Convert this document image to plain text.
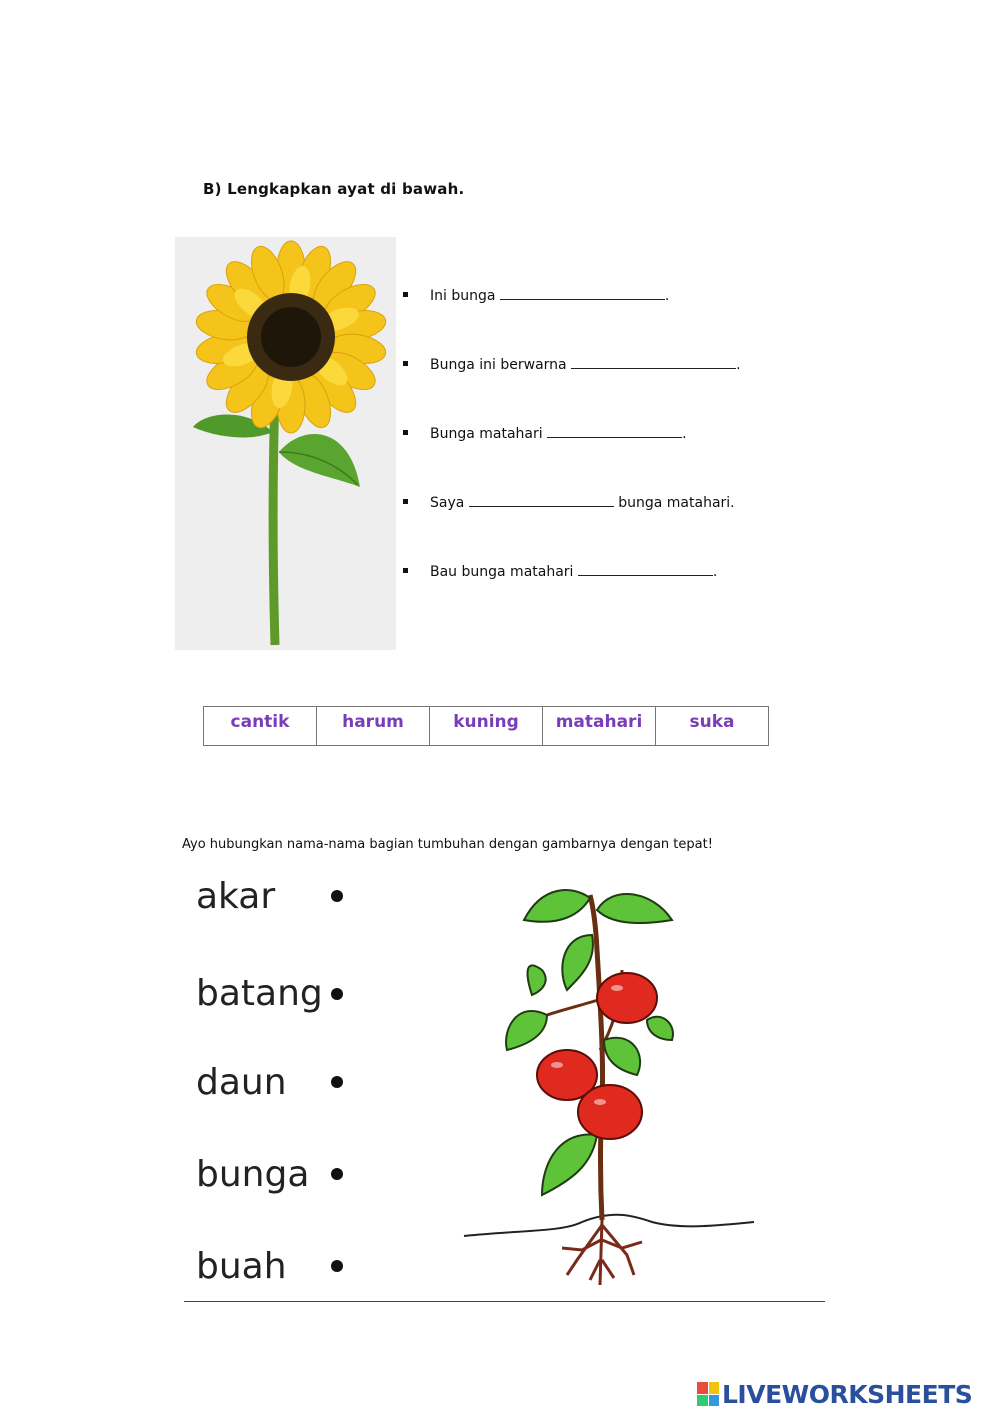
B) Lengkapkan ayat di bawah.
Ini bunga	.
Bunga ini berwarna	.
Bunga matahari	.
Saya	bunga matahari.
Bau bunga matahari	.
cantik	harum	kuning	matahari	suka
Ayo hubungkan nama-nama bagian tumbuhan dengan gambarnya dengan tepat!
akar
batang
daun
bunga
buah
LIVEWORKSHEETS
